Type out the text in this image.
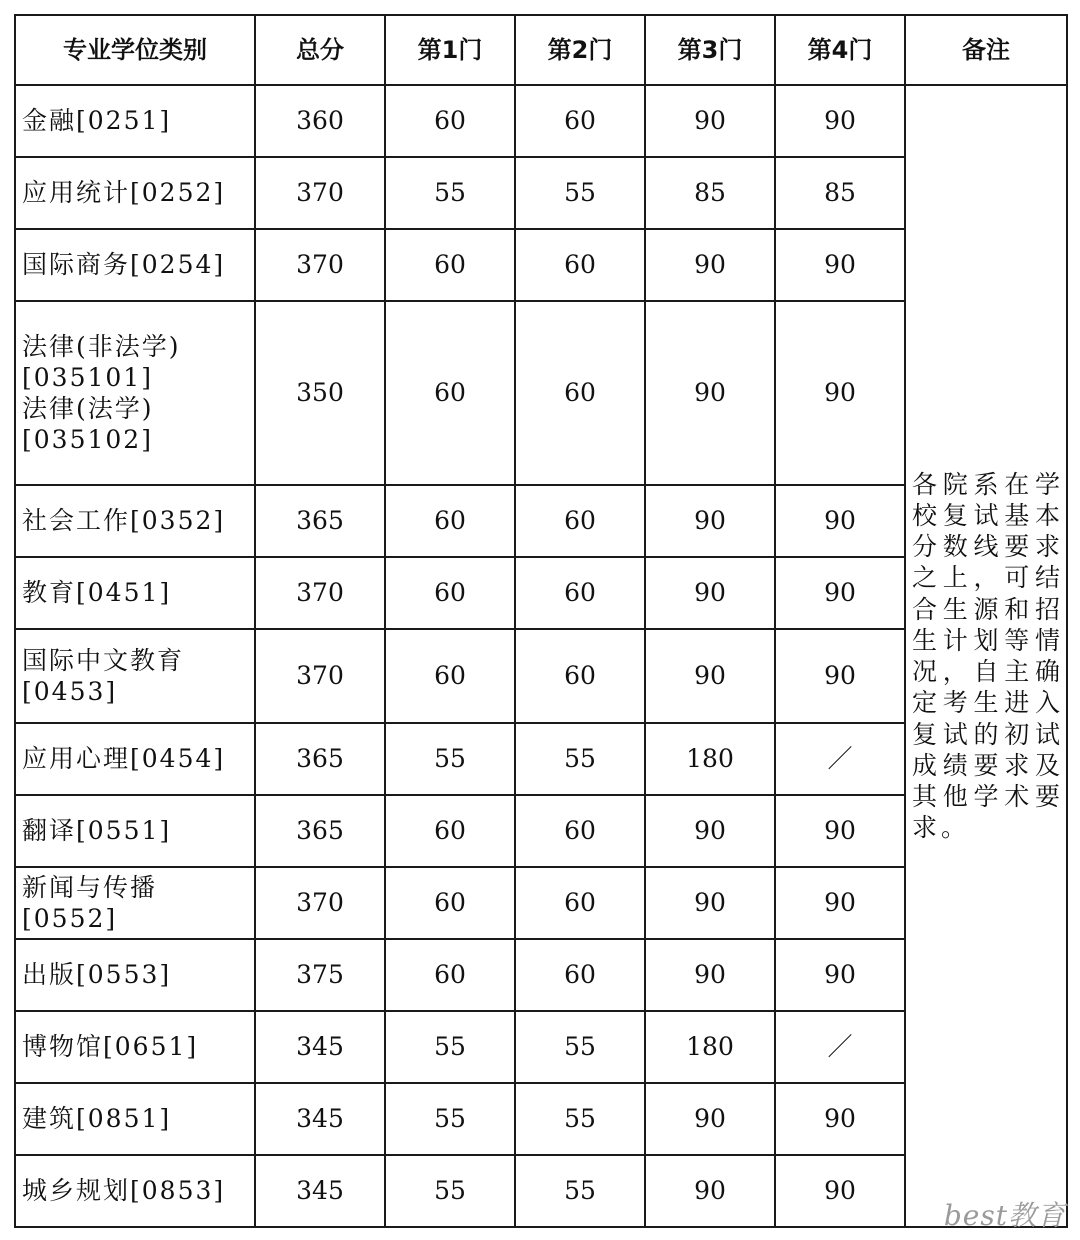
专业学位类别	总分	第1门	第2门	第3门	第4门	备注

金融[0251]	360	60	60	90	90	各院系在学校复试基本分数线要求之上，可结合生源和招生计划等情况，自主确定考生进入复试的初试成绩要求及其他学术要求。

应用统计[0252]	370	55	55	85	85	

国际商务[0254]	370	60	60	90	90	

法律(非法学)
[035101]
法律(法学)
[035102]	350	60	60	90	90	

社会工作[0352]	365	60	60	90	90	

教育[0451]	370	60	60	90	90	

国际中文教育
[0453]	370	60	60	90	90	

应用心理[0454]	365	55	55	180	／	

翻译[0551]	365	60	60	90	90	

新闻与传播[0552]	370	60	60	90	90	

出版[0553]	375	60	60	90	90	

博物馆[0651]	345	55	55	180	／	

建筑[0851]	345	55	55	90	90	

城乡规划[0853]	345	55	55	90	90	
best教育
